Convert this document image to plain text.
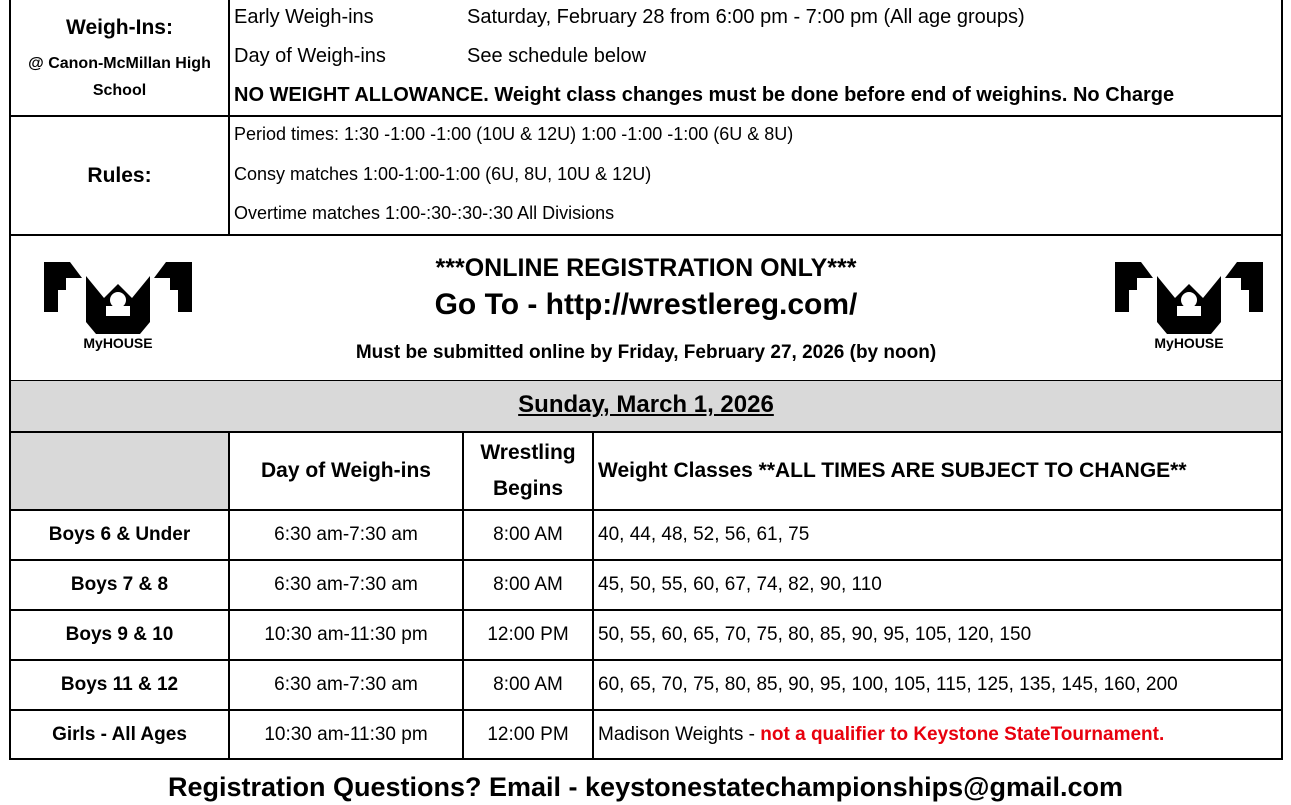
Weigh-Ins:
@ Canon-McMillan High School
Early Weigh-ins	Saturday, February 28 from 6:00 pm - 7:00 pm (All age groups)
Day of Weigh-ins	See schedule below
NO WEIGHT ALLOWANCE. Weight class changes must be done before end of weighins. No Charge
Rules:
Period times: 1:30 -1:00 -1:00 (10U & 12U) 1:00 -1:00 -1:00 (6U & 8U)
Consy matches 1:00-1:00-1:00 (6U, 8U, 10U & 12U)
Overtime matches 1:00-:30-:30-:30 All Divisions
MyHOUSE	MyHOUSE
***ONLINE REGISTRATION ONLY***
Go To - http://wrestlereg.com/
Must be submitted online by Friday, February 27, 2026 (by noon)
Sunday, March 1, 2026
Day of Weigh-ins
Wrestling
Begins
Weight Classes **ALL TIMES ARE SUBJECT TO CHANGE**
Boys 6 & Under	6:30 am-7:30 am	8:00 AM	40, 44, 48, 52, 56, 61, 75
Boys 7 & 8	6:30 am-7:30 am	8:00 AM	45, 50, 55, 60, 67, 74, 82, 90, 110
Boys 9 & 10	10:30 am-11:30 pm	12:00 PM	50, 55, 60, 65, 70, 75, 80, 85, 90, 95, 105, 120, 150
Boys 11 & 12	6:30 am-7:30 am	8:00 AM	60, 65, 70, 75, 80, 85, 90, 95, 100, 105, 115, 125, 135, 145, 160, 200
Girls - All Ages	10:30 am-11:30 pm	12:00 PM	Madison Weights - not a qualifier to Keystone StateTournament.
Registration Questions? Email - keystonestatechampionships@gmail.com
